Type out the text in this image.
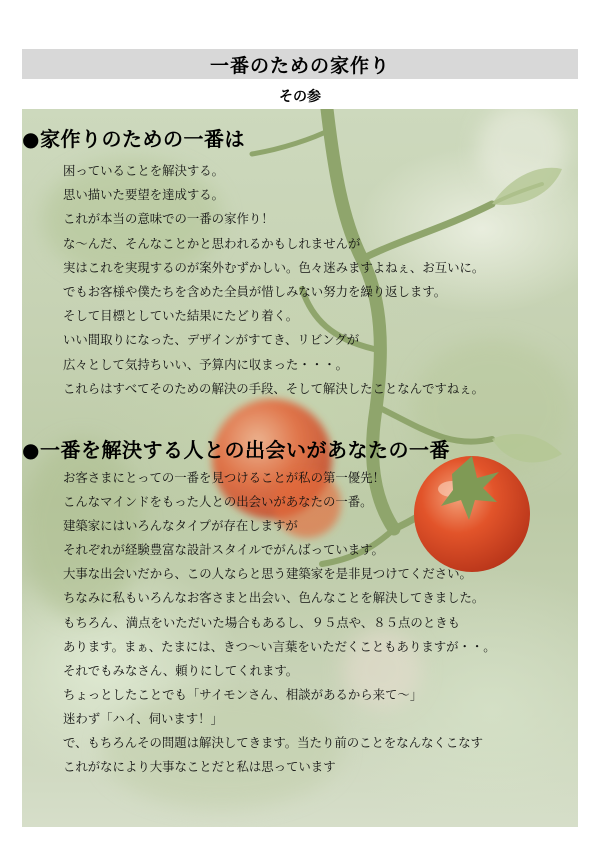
一番のための家作り
その参
●家作りのための一番は
困っていることを解決する。
思い描いた要望を達成する。
これが本当の意味での一番の家作り！
な～んだ、そんなことかと思われるかもしれませんが
実はこれを実現するのが案外むずかしい。色々迷みますよねぇ、お互いに。
でもお客様や僕たちを含めた全員が惜しみない努力を繰り返します。
そして目標としていた結果にたどり着く。
いい間取りになった、デザインがすてき、リビングが
広々として気持ちいい、予算内に収まった・・・。
これらはすべてそのための解決の手段、そして解決したことなんですねぇ。
●一番を解決する人との出会いがあなたの一番
お客さまにとっての一番を見つけることが私の第一優先！
こんなマインドをもった人との出会いがあなたの一番。
建築家にはいろんなタイプが存在しますが
それぞれが経験豊富な設計スタイルでがんばっています。
大事な出会いだから、この人ならと思う建築家を是非見つけてください。
ちなみに私もいろんなお客さまと出会い、色んなことを解決してきました。
もちろん、満点をいただいた場合もあるし、９５点や、８５点のときも
あります。まぁ、たまには、きつ～い言葉をいただくこともありますが・・。
それでもみなさん、頼りにしてくれます。
ちょっとしたことでも「サイモンさん、相談があるから来て～」
迷わず「ハイ、伺います！」
で、もちろんその問題は解決してきます。当たり前のことをなんなくこなす
これがなにより大事なことだと私は思っています
